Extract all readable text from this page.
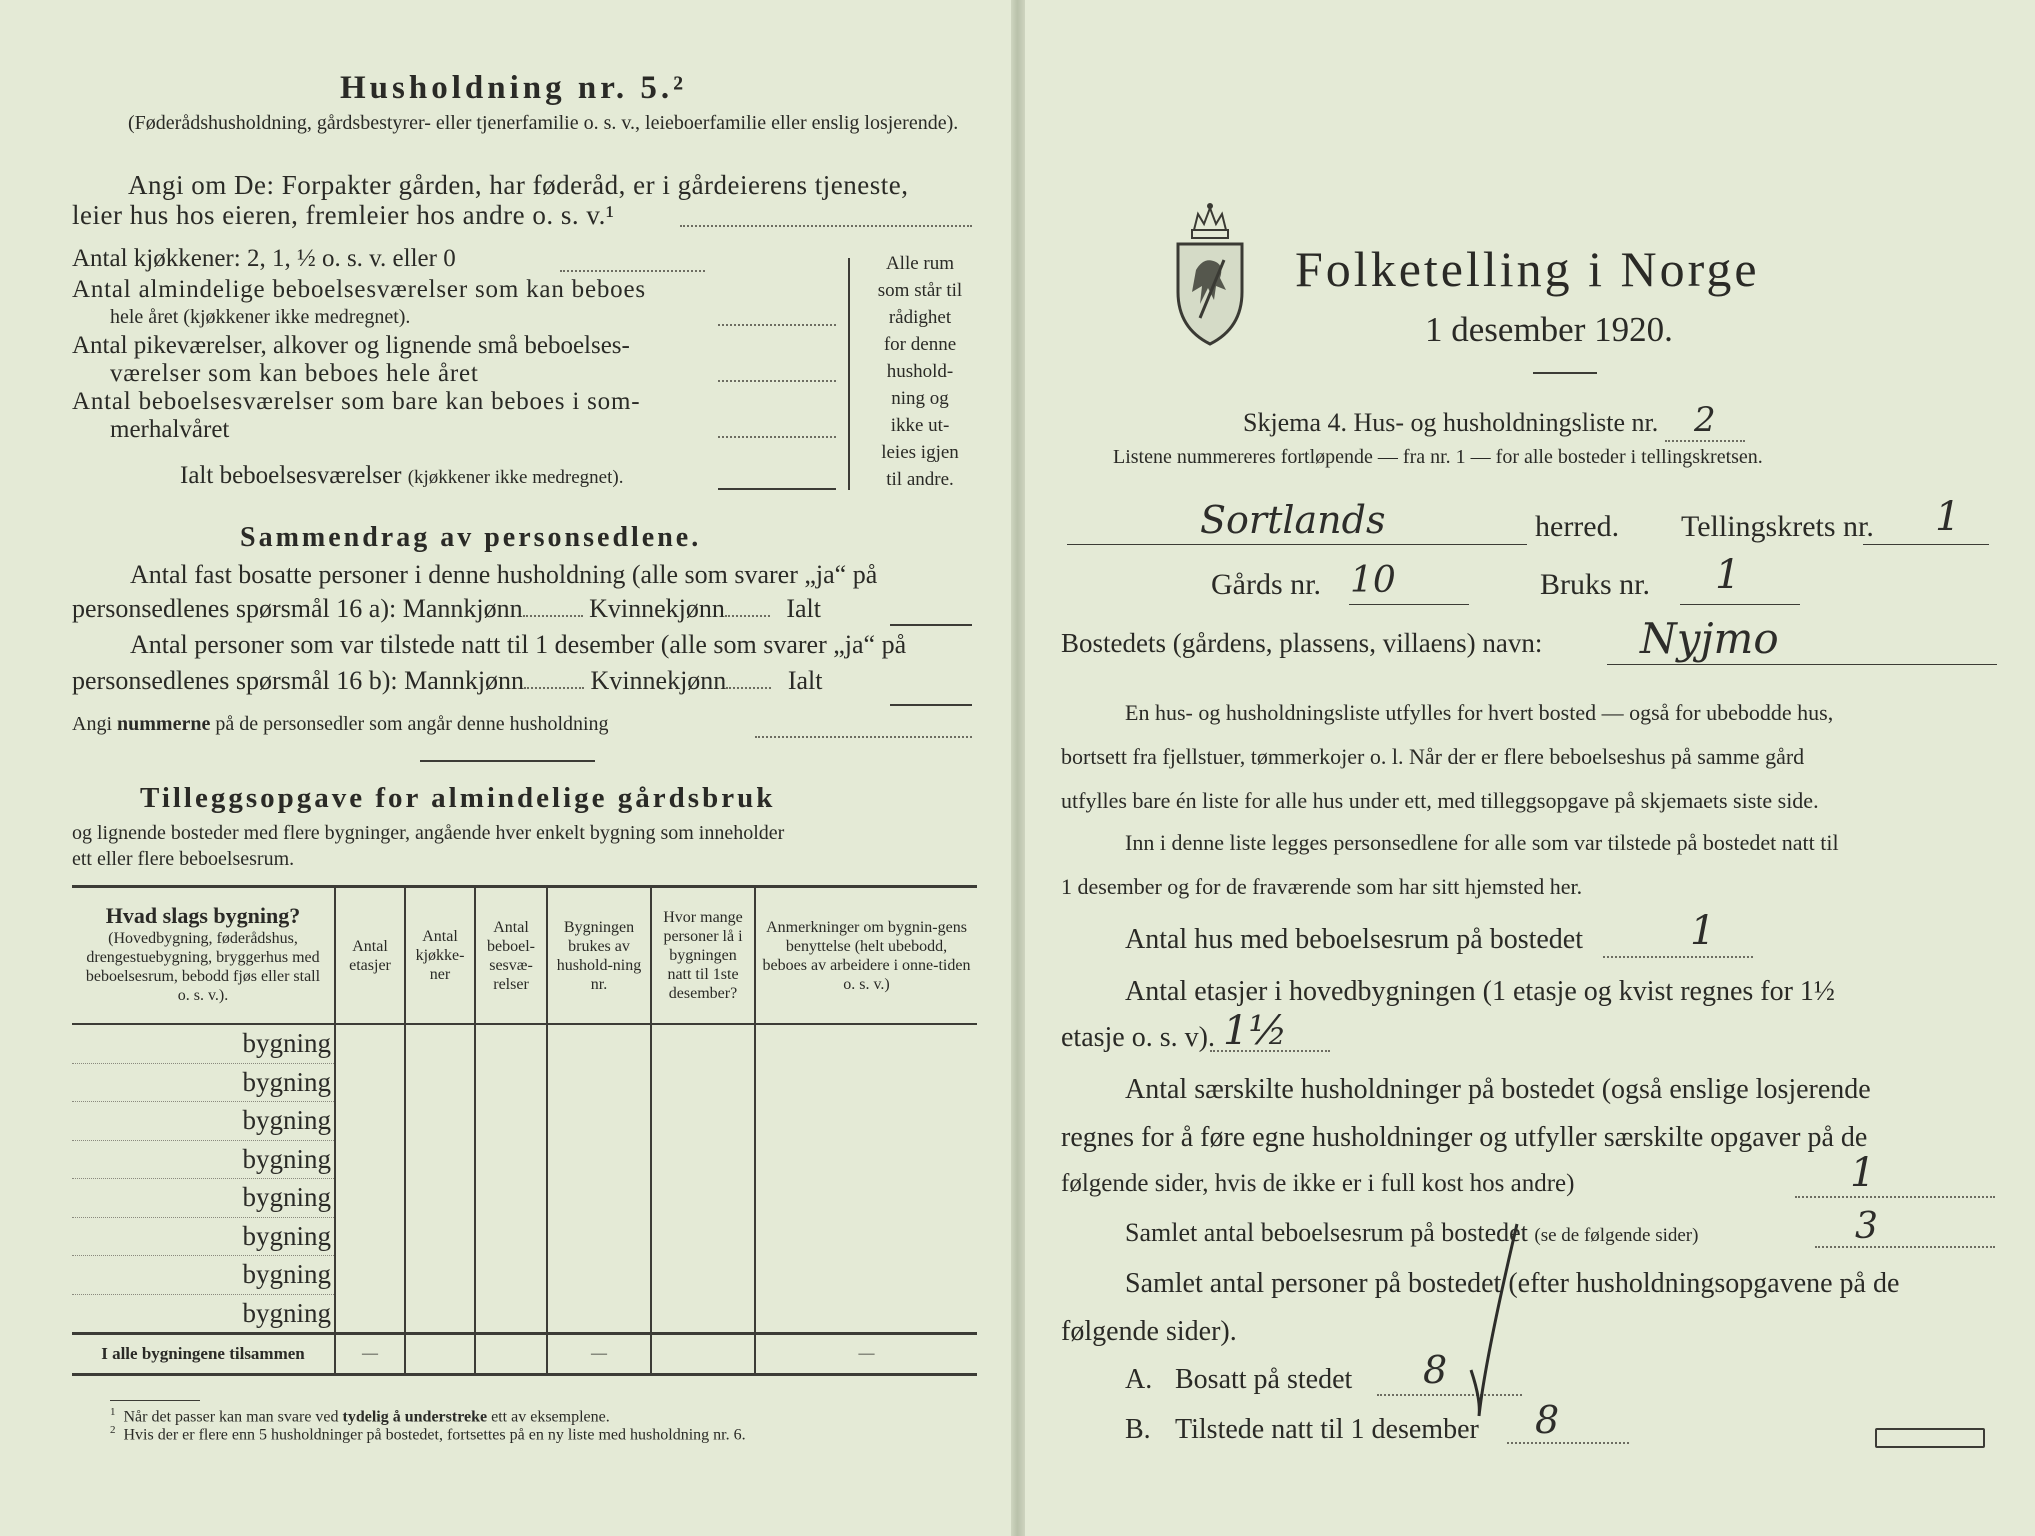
Husholdning nr. 5.²
(Føderådshusholdning, gårdsbestyrer- eller tjenerfamilie o. s. v., leieboerfamilie eller enslig losjerende).
Angi om De: Forpakter gården, har føderåd, er i gårdeierens tjeneste,
leier hus hos eieren, fremleier hos andre o. s. v.¹
Antal kjøkkener: 2, 1, ½ o. s. v. eller 0
Antal almindelige beboelsesværelser som kan beboes
hele året (kjøkkener ikke medregnet).
Antal pikeværelser, alkover og lignende små beboelses-
værelser som kan beboes hele året
Antal beboelsesværelser som bare kan beboes i som-
merhalvåret
Ialt beboelsesværelser (kjøkkener ikke medregnet).
Alle rum
som står til
rådighet
for denne
hushold-
ning og
ikke ut-
leies igjen
til andre.
Sammendrag av personsedlene.
Antal fast bosatte personer i denne husholdning (alle som svarer „ja“ på
personsedlenes spørsmål 16 a): Mannkjønn	Kvinnekjønn Ialt
Antal personer som var tilstede natt til 1 desember (alle som svarer „ja“ på
personsedlenes spørsmål 16 b): Mannkjønn	Kvinnekjønn Ialt
Angi nummerne på de personsedler som angår denne husholdning
Tilleggsopgave for almindelige gårdsbruk
og lignende bosteder med flere bygninger, angående hver enkelt bygning som inneholder
ett eller flere beboelsesrum.
Hvad slags bygning?
(Hovedbygning, føderådshus, drengestuebygning, bryggerhus med beboelsesrum, bebodd fjøs eller stall o. s. v.).	Antal etasjer	Antal kjøkke-ner	Antal beboel-sesvæ-relser	Bygningen brukes av hushold-ning nr.	Hvor mange personer lå i bygningen natt til 1ste desember?	Anmerkninger om bygnin-gens benyttelse (helt ubebodd, beboes av arbeidere i onne-tiden o. s. v.)

bygning						
bygning						
bygning						
bygning						
bygning						
bygning						
bygning						
bygning						
I alle bygningene tilsammen	—			—		—
$^1$ Når det passer kan man svare ved tydelig å understreke ett av eksemplene.
$^2$ Hvis der er flere enn 5 husholdninger på bostedet, fortsettes på en ny liste med husholdning nr. 6.
Folketelling i Norge
1 desember 1920.
Skjema 4. Hus- og husholdningsliste nr. 2
Listene nummereres fortløpende — fra nr. 1 — for alle bosteder i tellingskretsen.
Sortlands	herred. Tellingskrets nr. 1
Gårds nr. 10	Bruks nr. 1
Bostedets (gårdens, plassens, villaens) navn: Nyjmo
En hus- og husholdningsliste utfylles for hvert bosted — også for ubebodde hus,
bortsett fra fjellstuer, tømmerkojer o. l. Når der er flere beboelseshus på samme gård
utfylles bare én liste for alle hus under ett, med tilleggsopgave på skjemaets siste side.
Inn i denne liste legges personsedlene for alle som var tilstede på bostedet natt til
1 desember og for de fraværende som har sitt hjemsted her.
Antal hus med beboelsesrum på bostedet	1
Antal etasjer i hovedbygningen (1 etasje og kvist regnes for 1½
etasje o. s. v). 1½
Antal særskilte husholdninger på bostedet (også enslige losjerende
regnes for å føre egne husholdninger og utfyller særskilte opgaver på de
følgende sider, hvis de ikke er i full kost hos andre)	1
Samlet antal beboelsesrum på bostedet (se de følgende sider)	3
Samlet antal personer på bostedet (efter husholdningsopgavene på de
følgende sider).
A. Bosatt på stedet 8
B. Tilstede natt til 1 desember 8
